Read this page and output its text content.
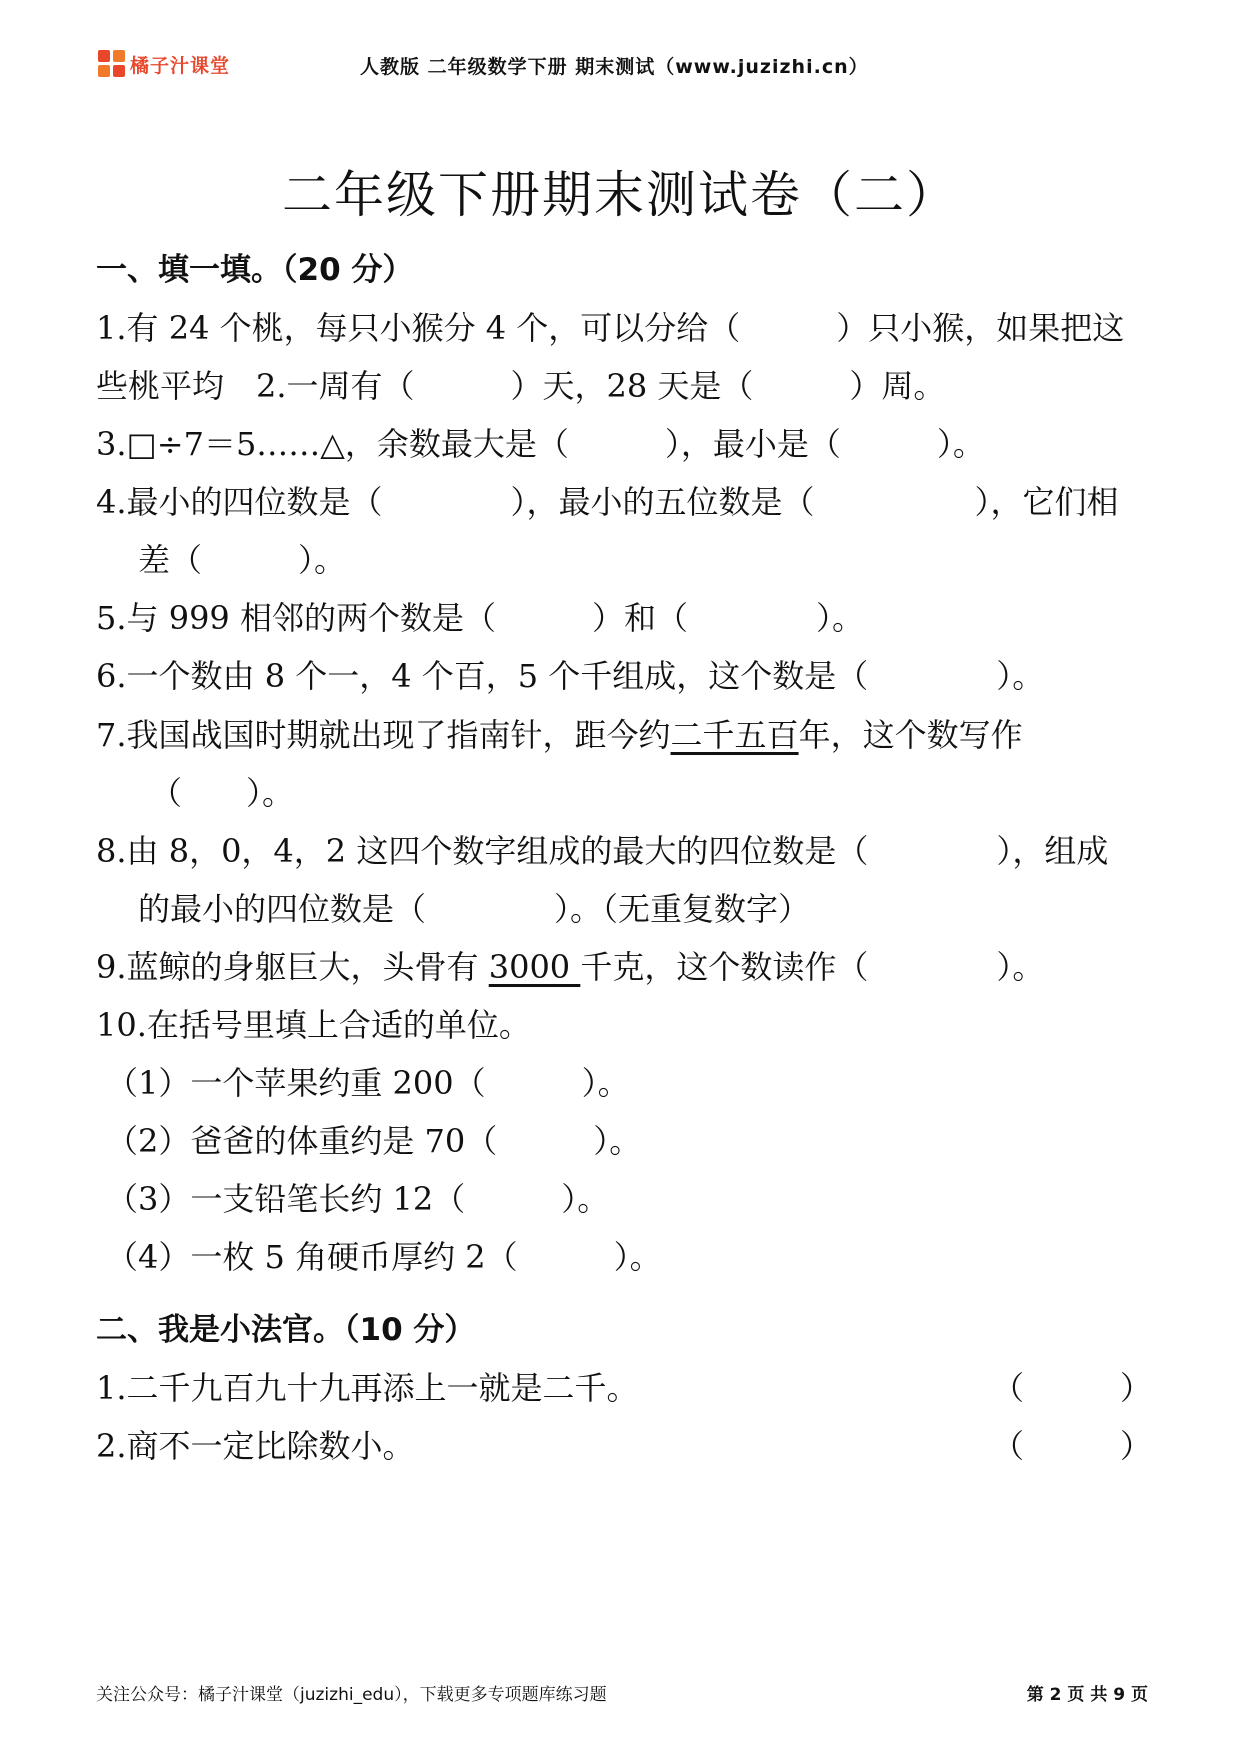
橘子汁课堂	人教版 二年级数学下册 期末测试（www.juzizhi.cn）
二年级下册期末测试卷（二）
一、填一填。（20 分）
1.有 24 个桃，每只小猴分 4 个，可以分给（　　　）只小猴，如果把这
些桃平均　2.一周有（　　　）天，28 天是（　　　）周。
3.□÷7＝5……△，余数最大是（　　　），最小是（　　　）。
4.最小的四位数是（　　　　），最小的五位数是（　　　　　），它们相
差（　　　）。
5.与 999 相邻的两个数是（　　　）和（　　　　）。
6.一个数由 8 个一，4 个百，5 个千组成，这个数是（　　　　）。
7.我国战国时期就出现了指南针，距今约二千五百年，这个数写作
（　　）。
8.由 8，0，4，2 这四个数字组成的最大的四位数是（　　　　），组成
的最小的四位数是（　　　　）。（无重复数字）
9.蓝鲸的身躯巨大，头骨有 3000 千克，这个数读作（　　　　）。
10.在括号里填上合适的单位。
（1）一个苹果约重 200（　　　）。
（2）爸爸的体重约是 70（　　　）。
（3）一支铅笔长约 12（　　　）。
（4）一枚 5 角硬币厚约 2（　　　）。
二、我是小法官。（10 分）
1.二千九百九十九再添上一就是二千。	（　　　）
2.商不一定比除数小。	（　　　）
关注公众号：橘子汁课堂（juzizhi_edu），下载更多专项题库练习题	第 2 页 共 9 页
